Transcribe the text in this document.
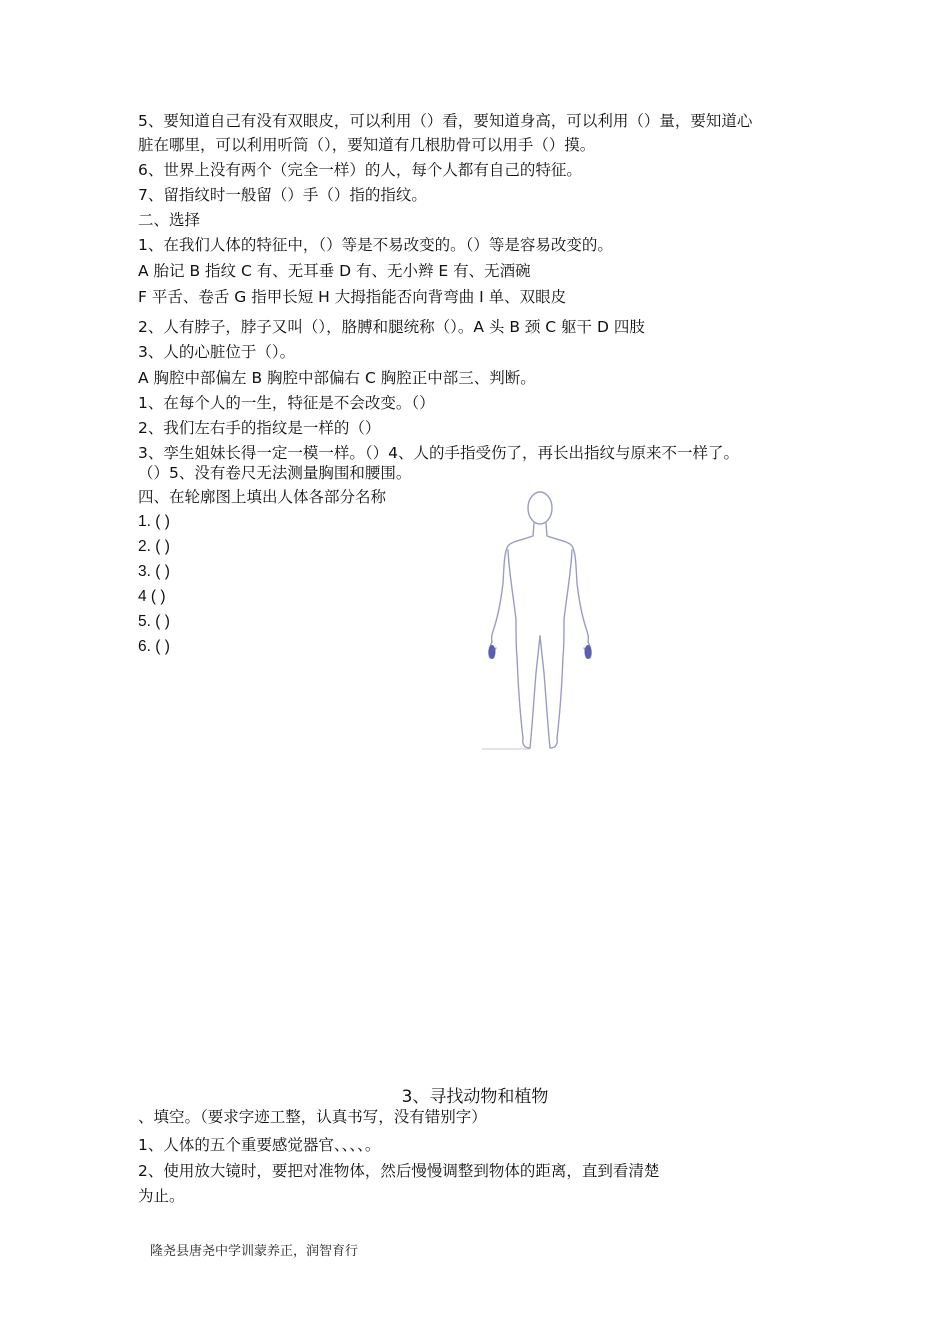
5、要知道自己有没有双眼皮，可以利用（）看，要知道身高，可以利用（）量，要知道心
脏在哪里，可以利用听筒（），要知道有几根肋骨可以用手（）摸。
6、世界上没有两个（完全一样）的人，每个人都有自己的特征。
7、留指纹时一般留（）手（）指的指纹。
二、选择
1、在我们人体的特征中，（）等是不易改变的。（）等是容易改变的。
A 胎记 B 指纹 C 有、无耳垂 D 有、无小辫 E 有、无酒碗
F 平舌、卷舌 G 指甲长短 H 大拇指能否向背弯曲 I 单、双眼皮
2、人有脖子，脖子又叫（），胳膊和腿统称（）。A 头 B 颈 C 躯干 D 四肢
3、人的心脏位于（）。
A 胸腔中部偏左 B 胸腔中部偏右 C 胸腔正中部三、判断。
1、在每个人的一生，特征是不会改变。（）
2、我们左右手的指纹是一样的（）
3、孪生姐妹长得一定一模一样。（）4、人的手指受伤了，再长出指纹与原来不一样了。
（）5、没有卷尺无法测量胸围和腰围。
四、在轮廓图上填出人体各部分名称
1. ( )
2. ( )
3. ( )
4 ( )
5. ( )
6. ( )
3、寻找动物和植物
、填空。（要求字迹工整，认真书写，没有错别字）
1、人体的五个重要感觉器官、、、、。
2、使用放大镜时，要把对准物体，然后慢慢调整到物体的距离，直到看清楚
为止。
隆尧县唐尧中学训蒙养正，润智育行
